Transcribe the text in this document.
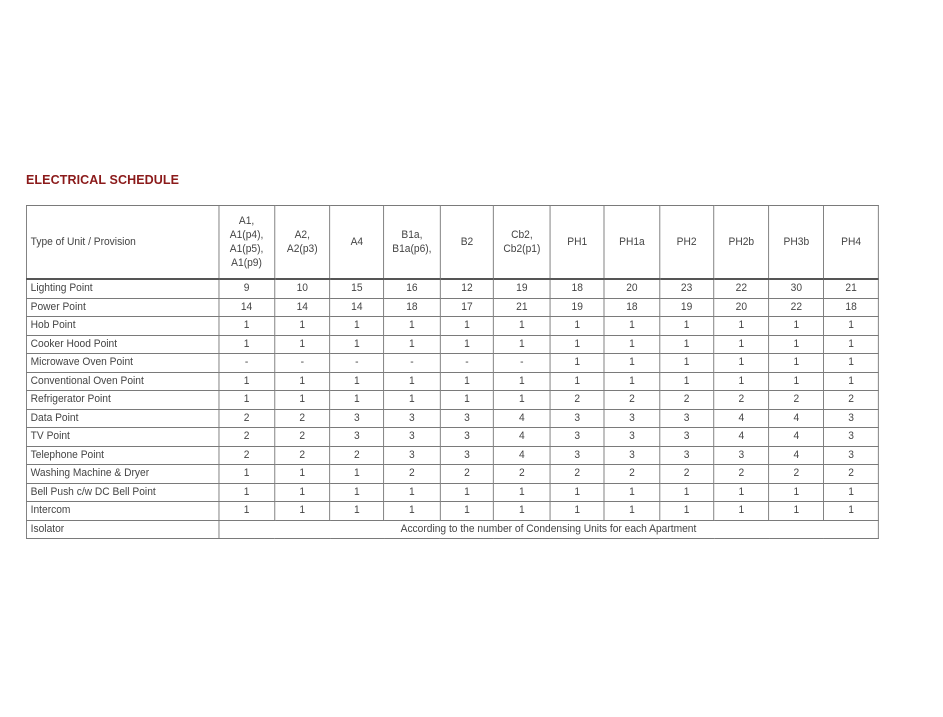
ELECTRICAL SCHEDULE
Type of Unit / Provision	A1,
A1(p4),
A1(p5),
A1(p9)	A2,
A2(p3)	A4	B1a,
B1a(p6),	B2	Cb2,
Cb2(p1)	PH1	PH1a	PH2	PH2b	PH3b	PH4

Lighting Point	9	10	15	16	12	19	18	20	23	22	30	21
Power Point	14	14	14	18	17	21	19	18	19	20	22	18
Hob Point	1	1	1	1	1	1	1	1	1	1	1	1
Cooker Hood Point	1	1	1	1	1	1	1	1	1	1	1	1
Microwave Oven Point	-	-	-	-	-	-	1	1	1	1	1	1
Conventional Oven Point	1	1	1	1	1	1	1	1	1	1	1	1
Refrigerator Point	1	1	1	1	1	1	2	2	2	2	2	2
Data Point	2	2	3	3	3	4	3	3	3	4	4	3
TV Point	2	2	3	3	3	4	3	3	3	4	4	3
Telephone Point	2	2	2	3	3	4	3	3	3	3	4	3
Washing Machine & Dryer	1	1	1	2	2	2	2	2	2	2	2	2
Bell Push c/w DC Bell Point	1	1	1	1	1	1	1	1	1	1	1	1
Intercom	1	1	1	1	1	1	1	1	1	1	1	1
Isolator	According to the number of Condensing Units for each Apartment											
